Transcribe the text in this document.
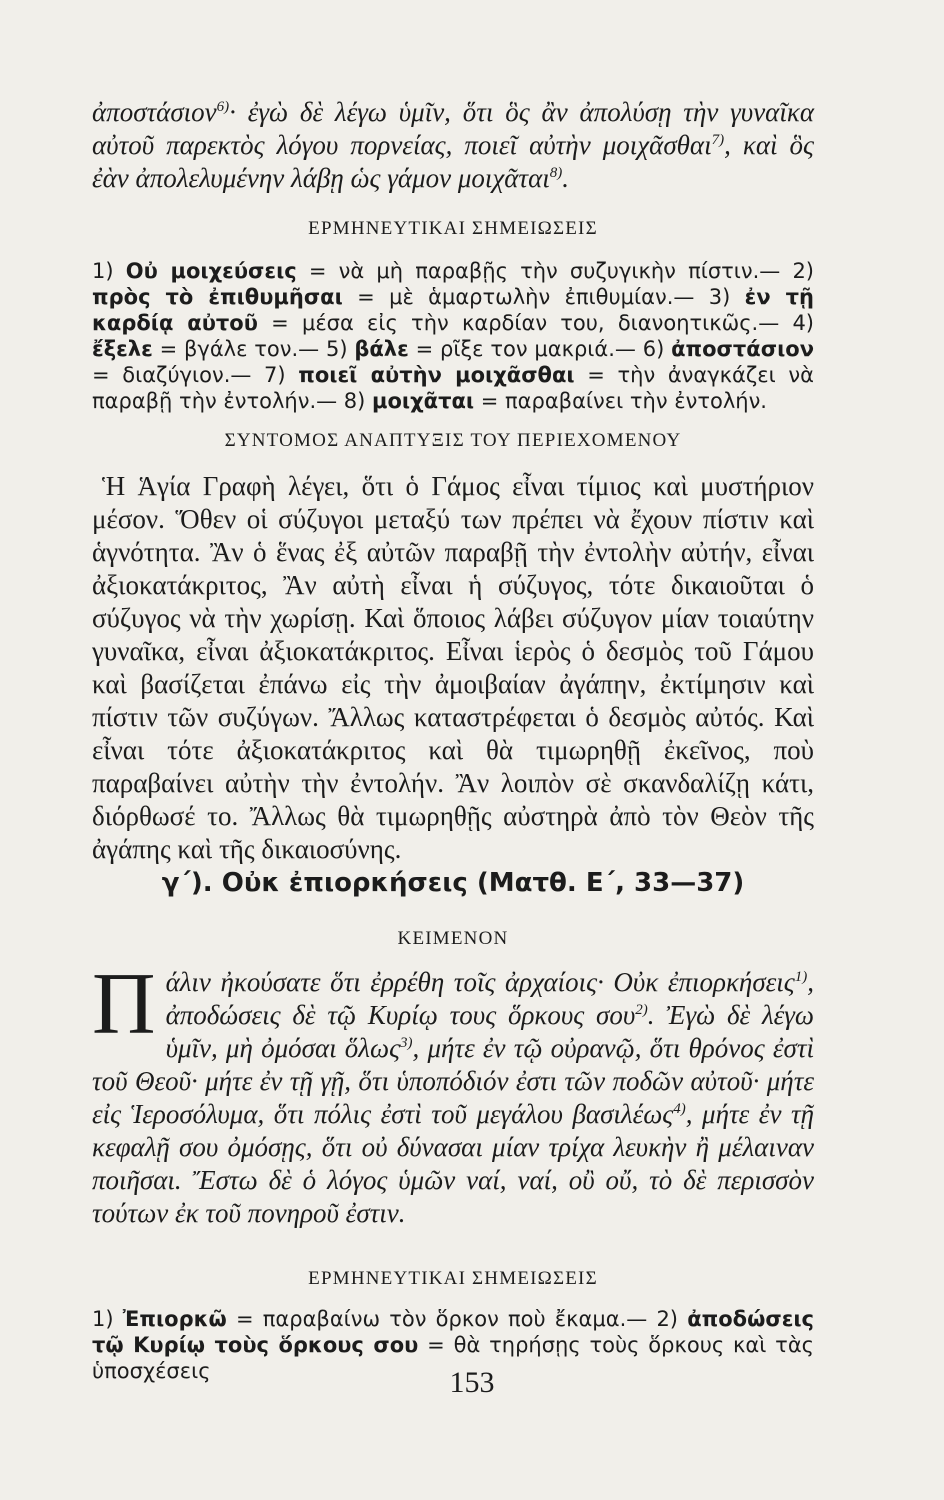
ἀποστάσιον$^{6)}$· ἐγὼ δὲ λέγω ὑμῖν, ὅτι ὃς ἂν ἀπολύσῃ τὴν γυναῖκα αὐτοῦ παρεκτὸς λόγου πορνείας, ποιεῖ αὐτὴν μοιχᾶσθαι$^{7)}$, καὶ ὃς ἐὰν ἀπολελυμένην λάβῃ ὡς γάμον μοιχᾶται$^{8)}$.

ΕΡΜΗΝΕΥΤΙΚΑΙ ΣΗΜΕΙΩΣΕΙΣ

1) Οὐ μοιχεύσεις = νὰ μὴ παραβῇς τὴν συζυγικὴν πίστιν.— 2) πρὸς τὸ ἐπιθυμῆσαι = μὲ ἁμαρτωλὴν ἐπιθυμίαν.— 3) ἐν τῇ καρδίᾳ αὐτοῦ = μέσα εἰς τὴν καρδίαν του, διανοητικῶς.— 4) ἔξελε = βγάλε τον.— 5) βάλε = ρῖξε τον μακριά.— 6) ἀποστάσιον = διαζύγιον.— 7) ποιεῖ αὐτὴν μοιχᾶσθαι = τὴν ἀναγκάζει νὰ παραβῇ τὴν ἐντολήν.— 8) μοιχᾶται = παραβαίνει τὴν ἐντολήν.

ΣΥΝΤΟΜΟΣ ΑΝΑΠΤΥΞΙΣ ΤΟΥ ΠΕΡΙΕΧΟΜΕΝΟΥ

Ἡ Ἁγία Γραφὴ λέγει, ὅτι ὁ Γάμος εἶναι τίμιος καὶ μυστήριον μέσον. Ὅθεν οἱ σύζυγοι μεταξύ των πρέπει νὰ ἔχουν πίστιν καὶ ἁγνότητα. Ἂν ὁ ἕνας ἐξ αὐτῶν παραβῇ τὴν ἐντολὴν αὐτήν, εἶναι ἀξιοκατάκριτος, Ἂν αὐτὴ εἶναι ἡ σύζυγος, τότε δικαιοῦται ὁ σύζυγος νὰ τὴν χωρίσῃ. Καὶ ὅποιος λάβει σύζυγον μίαν τοιαύτην γυναῖκα, εἶναι ἀξιοκατάκριτος. Εἶναι ἱερὸς ὁ δεσμὸς τοῦ Γάμου καὶ βασίζεται ἐπάνω εἰς τὴν ἀμοιβαίαν ἀγάπην, ἐκτίμησιν καὶ πίστιν τῶν συζύγων. Ἄλλως καταστρέφεται ὁ δεσμὸς αὐτός. Καὶ εἶναι τότε ἀξιοκατάκριτος καὶ θὰ τιμωρηθῇ ἐκεῖνος, ποὺ παραβαίνει αὐτὴν τὴν ἐντολήν. Ἂν λοιπὸν σὲ σκανδαλίζῃ κάτι, διόρθωσέ το. Ἄλλως θὰ τιμωρηθῇς αὐστηρὰ ἀπὸ τὸν Θεὸν τῆς ἀγάπης καὶ τῆς δικαιοσύνης.

γ΄). Οὐκ ἐπιορκήσεις (Ματθ. Ε΄, 33—37)

ΚΕΙΜΕΝΟΝ

Πάλιν ἠκούσατε ὅτι ἐρρέθη τοῖς ἀρχαίοις· Οὐκ ἐπιορκήσεις$^{1)}$, ἀποδώσεις δὲ τῷ Κυρίῳ τους ὅρκους σου$^{2)}$. Ἐγὼ δὲ λέγω ὑμῖν, μὴ ὀμόσαι ὅλως$^{3)}$, μήτε ἐν τῷ οὐρανῷ, ὅτι θρόνος ἐστὶ τοῦ Θεοῦ· μήτε ἐν τῇ γῇ, ὅτι ὑποπόδιόν ἐστι τῶν ποδῶν αὐτοῦ· μήτε εἰς Ἱεροσόλυμα, ὅτι πόλις ἐστὶ τοῦ μεγάλου βασιλέως$^{4)}$, μήτε ἐν τῇ κεφαλῇ σου ὀμόσῃς, ὅτι οὐ δύνασαι μίαν τρίχα λευκὴν ἢ μέλαιναν ποιῆσαι. Ἔστω δὲ ὁ λόγος ὑμῶν ναί, ναί, οὒ οὔ, τὸ δὲ περισσὸν τούτων ἐκ τοῦ πονηροῦ ἐστιν.

ΕΡΜΗΝΕΥΤΙΚΑΙ ΣΗΜΕΙΩΣΕΙΣ

1) Ἐπιορκῶ = παραβαίνω τὸν ὅρκον ποὺ ἔκαμα.— 2) ἀποδώσεις τῷ Κυρίῳ τοὺς ὅρκους σου = θὰ τηρήσῃς τοὺς ὅρκους καὶ τὰς ὑποσχέσεις	153
